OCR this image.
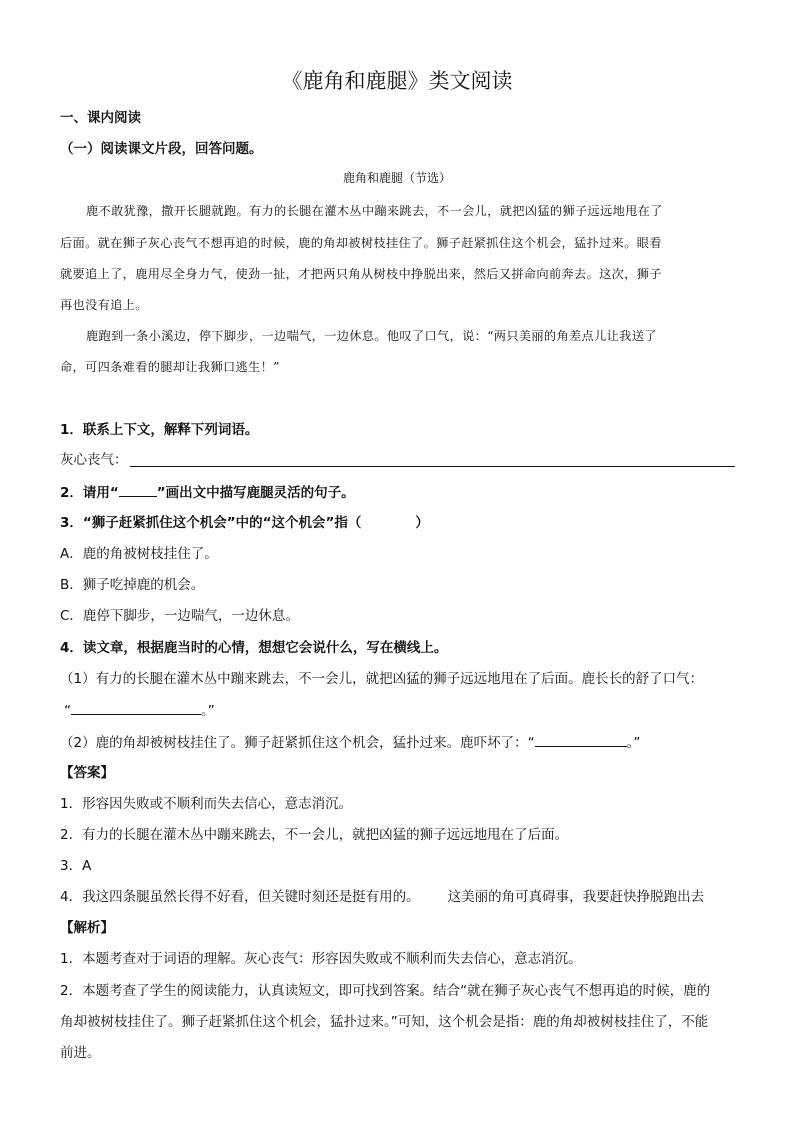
《鹿角和鹿腿》类文阅读
一、课内阅读
（一）阅读课文片段，回答问题。
鹿角和鹿腿（节选）
鹿不敢犹豫，撒开长腿就跑。有力的长腿在灌木丛中蹦来跳去，不一会儿，就把凶猛的狮子远远地甩在了
后面。就在狮子灰心丧气不想再追的时候，鹿的角却被树枝挂住了。狮子赶紧抓住这个机会，猛扑过来。眼看
就要追上了，鹿用尽全身力气，使劲一扯，才把两只角从树枝中挣脱出来，然后又拼命向前奔去。这次，狮子
再也没有追上。
鹿跑到一条小溪边，停下脚步，一边喘气，一边休息。他叹了口气，说：“两只美丽的角差点儿让我送了
命，可四条难看的腿却让我狮口逃生！”
1．联系上下文，解释下列词语。
灰心丧气：
2．请用“	”画出文中描写鹿腿灵活的句子。
3．“狮子赶紧抓住这个机会”中的“这个机会”指（　　　　）
A．鹿的角被树枝挂住了。
B．狮子吃掉鹿的机会。
C．鹿停下脚步，一边喘气，一边休息。
4．读文章，根据鹿当时的心情，想想它会说什么，写在横线上。
（1）有力的长腿在灌木丛中蹦来跳去，不一会儿，就把凶猛的狮子远远地甩在了后面。鹿长长的舒了口气：
“	。”
（2）鹿的角却被树枝挂住了。狮子赶紧抓住这个机会，猛扑过来。鹿吓坏了：“	。”
【答案】
1．形容因失败或不顺利而失去信心，意志消沉。
2．有力的长腿在灌木丛中蹦来跳去，不一会儿，就把凶猛的狮子远远地甩在了后面。
3．A
4．我这四条腿虽然长得不好看，但关键时刻还是挺有用的。 这美丽的角可真碍事，我要赶快挣脱跑出去
【解析】
1．本题考查对于词语的理解。灰心丧气：形容因失败或不顺利而失去信心，意志消沉。
2．本题考查了学生的阅读能力，认真读短文，即可找到答案。结合“就在狮子灰心丧气不想再追的时候，鹿的
角却被树枝挂住了。狮子赶紧抓住这个机会，猛扑过来。”可知，这个机会是指：鹿的角却被树枝挂住了，不能
前进。
